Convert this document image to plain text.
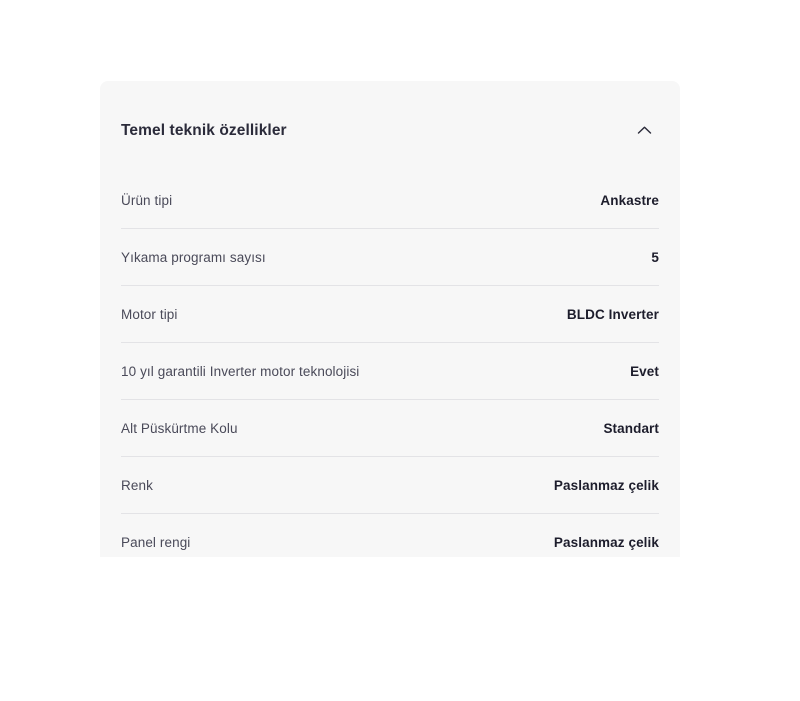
Temel teknik özellikler
Ürün tipi	Ankastre
Yıkama programı sayısı	5
Motor tipi	BLDC Inverter
10 yıl garantili Inverter motor teknolojisi	Evet
Alt Püskürtme Kolu	Standart
Renk	Paslanmaz çelik
Panel rengi	Paslanmaz çelik
